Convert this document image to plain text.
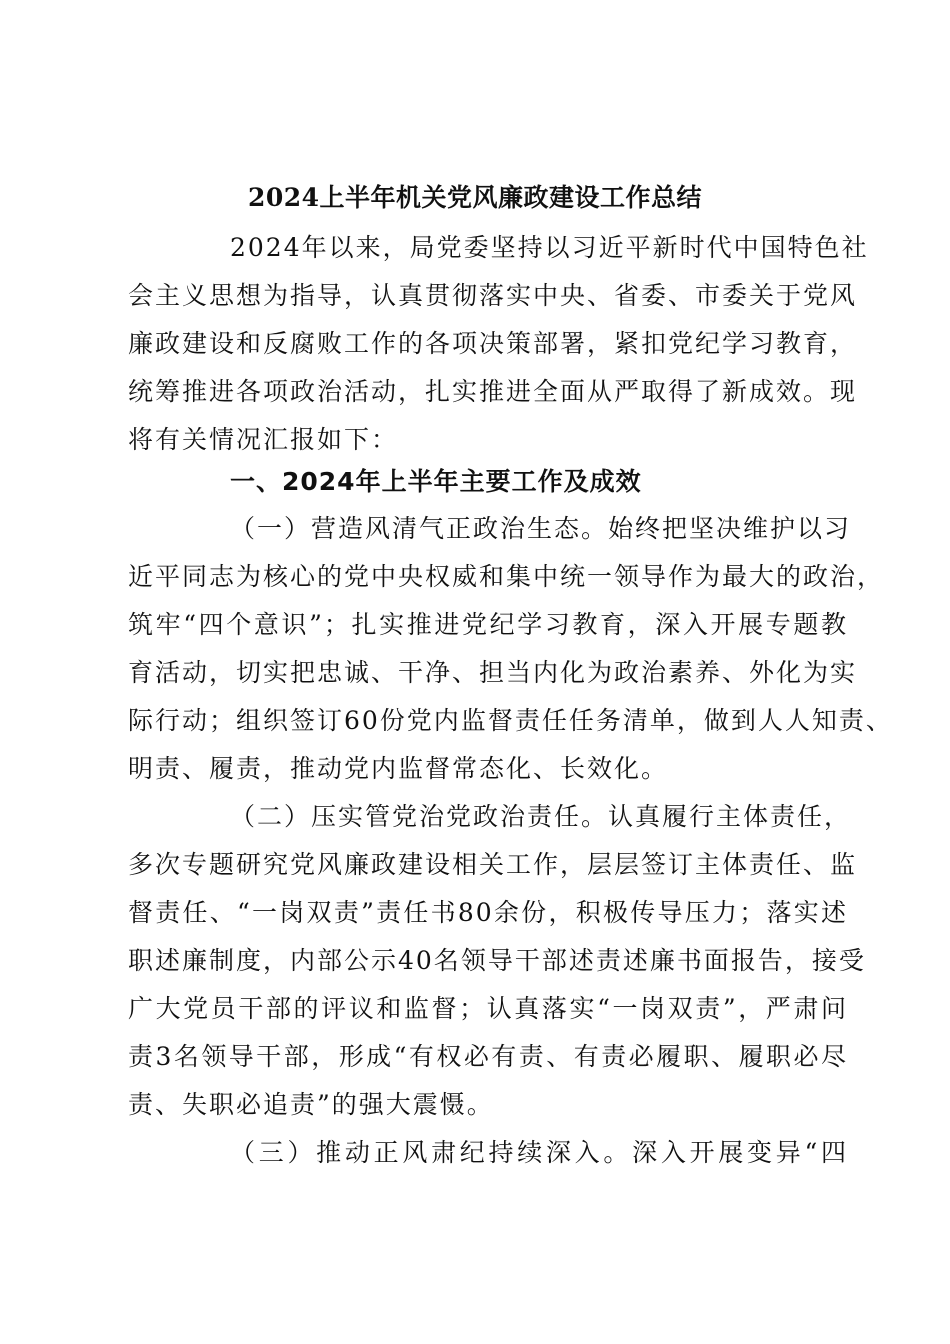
2024上半年机关党风廉政建设工作总结
2024年以来，局党委坚持以习近平新时代中国特色社
会主义思想为指导，认真贯彻落实中央、省委、市委关于党风
廉政建设和反腐败工作的各项决策部署，紧扣党纪学习教育，
统筹推进各项政治活动，扎实推进全面从严取得了新成效。现
将有关情况汇报如下：
一、2024年上半年主要工作及成效
（一）营造风清气正政治生态。始终把坚决维护以习
近平同志为核心的党中央权威和集中统一领导作为最大的政治，
筑牢“四个意识”；扎实推进党纪学习教育，深入开展专题教
育活动，切实把忠诚、干净、担当内化为政治素养、外化为实
际行动；组织签订60份党内监督责任任务清单，做到人人知责、
明责、履责，推动党内监督常态化、长效化。
（二）压实管党治党政治责任。认真履行主体责任，
多次专题研究党风廉政建设相关工作，层层签订主体责任、监
督责任、“一岗双责”责任书80余份，积极传导压力；落实述
职述廉制度，内部公示40名领导干部述责述廉书面报告，接受
广大党员干部的评议和监督；认真落实“一岗双责”，严肃问
责3名领导干部，形成“有权必有责、有责必履职、履职必尽
责、失职必追责”的强大震慑。
（三）推动正风肃纪持续深入。深入开展变异“四
